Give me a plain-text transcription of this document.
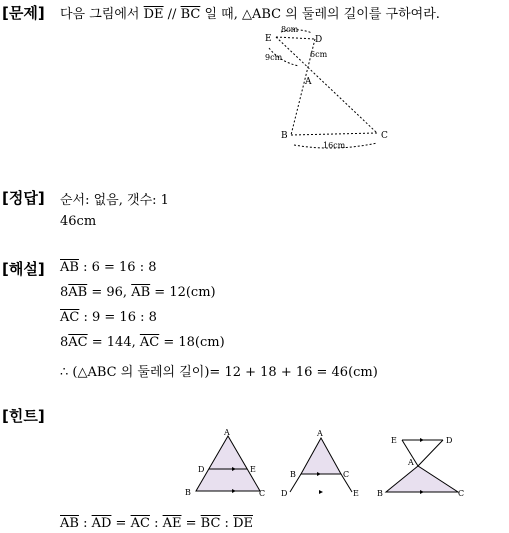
[문제] 다음 그림에서 $\overline{DE} // \overline{BC}$ 일 때, △ABC 의 둘레의 길이를 구하여라.
E	D
A
B	C
8cm
9cm	6cm
16cm
[정답] 순서: 없음, 갯수: 1
46cm
[해설] $\overline{AB}$ : 6 = 16 : 8
$8\overline{AB} = 96$, $\overline{AB} = 12(cm)$
$\overline{AC}$ : 9 = 16 : 8
$8\overline{AC} = 144$, $\overline{AC} = 18(cm)$
∴ (△ABC 의 둘레의 길이)= 12 + 18 + 16 = 46(cm)
[힌트]
A
D	E
B	C
A
B	C
D	E
E	D
A
B	C
$\overline{AB}$ : $\overline{AD} = \overline{AC}$ : $\overline{AE} = \overline{BC}$ : $\overline{DE}$
